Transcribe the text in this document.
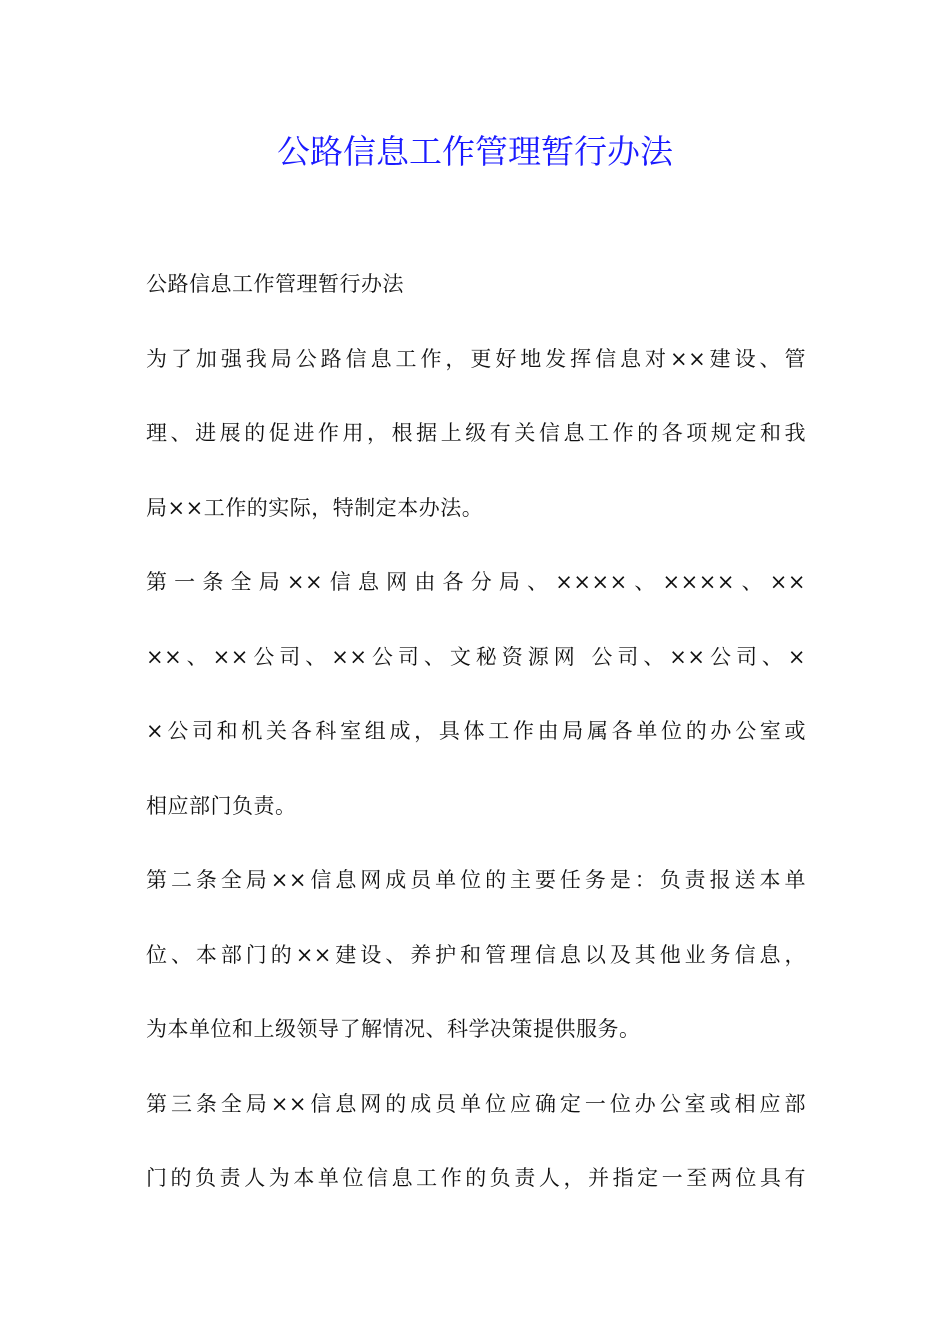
公路信息工作管理暂行办法
公路信息工作管理暂行办法
为了加强我局公路信息工作，更好地发挥信息对××建设、管
理、进展的促进作用，根据上级有关信息工作的各项规定和我
局××工作的实际，特制定本办法。
第一条全局××信息网由各分局、××××、××××、××
××、××公司、××公司、文秘资源网 公司、××公司、×
×公司和机关各科室组成，具体工作由局属各单位的办公室或
相应部门负责。
第二条全局××信息网成员单位的主要任务是：负责报送本单
位、本部门的××建设、养护和管理信息以及其他业务信息，
为本单位和上级领导了解情况、科学决策提供服务。
第三条全局××信息网的成员单位应确定一位办公室或相应部
门的负责人为本单位信息工作的负责人，并指定一至两位具有
